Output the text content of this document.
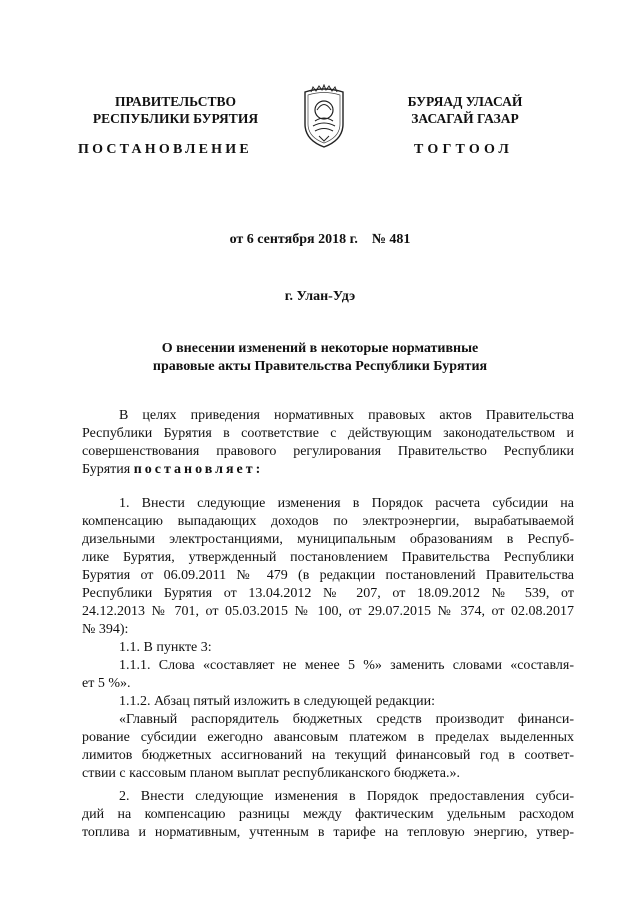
ПРАВИТЕЛЬСТВО
РЕСПУБЛИКИ БУРЯТИЯ
БУРЯАД УЛАСАЙ
ЗАСАГАЙ ГАЗАР
ПОСТАНОВЛЕНИЕ	ТОГТООЛ
от 6 сентября 2018 г. № 481
г. Улан-Удэ
О внесении изменений в некоторые нормативные
правовые акты Правительства Республики Бурятия
В целях приведения нормативных правовых актов Правительства
Республики Бурятия в соответствие с действующим законодательством и
совершенствования правового регулирования Правительство Республики
Бурятия постановляет:
1. Внести следующие изменения в Порядок расчета субсидии на
компенсацию выпадающих доходов по электроэнергии, вырабатываемой
дизельными электростанциями, муниципальным образованиям в Респуб-
лике Бурятия, утвержденный постановлением Правительства Республики
Бурятия от 06.09.2011 № 479 (в редакции постановлений Правительства
Республики Бурятия от 13.04.2012 № 207, от 18.09.2012 № 539, от
24.12.2013 № 701, от 05.03.2015 № 100, от 29.07.2015 № 374, от 02.08.2017
№ 394):
1.1. В пункте 3:
1.1.1. Слова «составляет не менее 5 %» заменить словами «составля-
ет 5 %».
1.1.2. Абзац пятый изложить в следующей редакции:
«Главный распорядитель бюджетных средств производит финанси-
рование субсидии ежегодно авансовым платежом в пределах выделенных
лимитов бюджетных ассигнований на текущий финансовый год в соответ-
ствии с кассовым планом выплат республиканского бюджета.».
2. Внести следующие изменения в Порядок предоставления субси-
дий на компенсацию разницы между фактическим удельным расходом
топлива и нормативным, учтенным в тарифе на тепловую энергию, утвер-
